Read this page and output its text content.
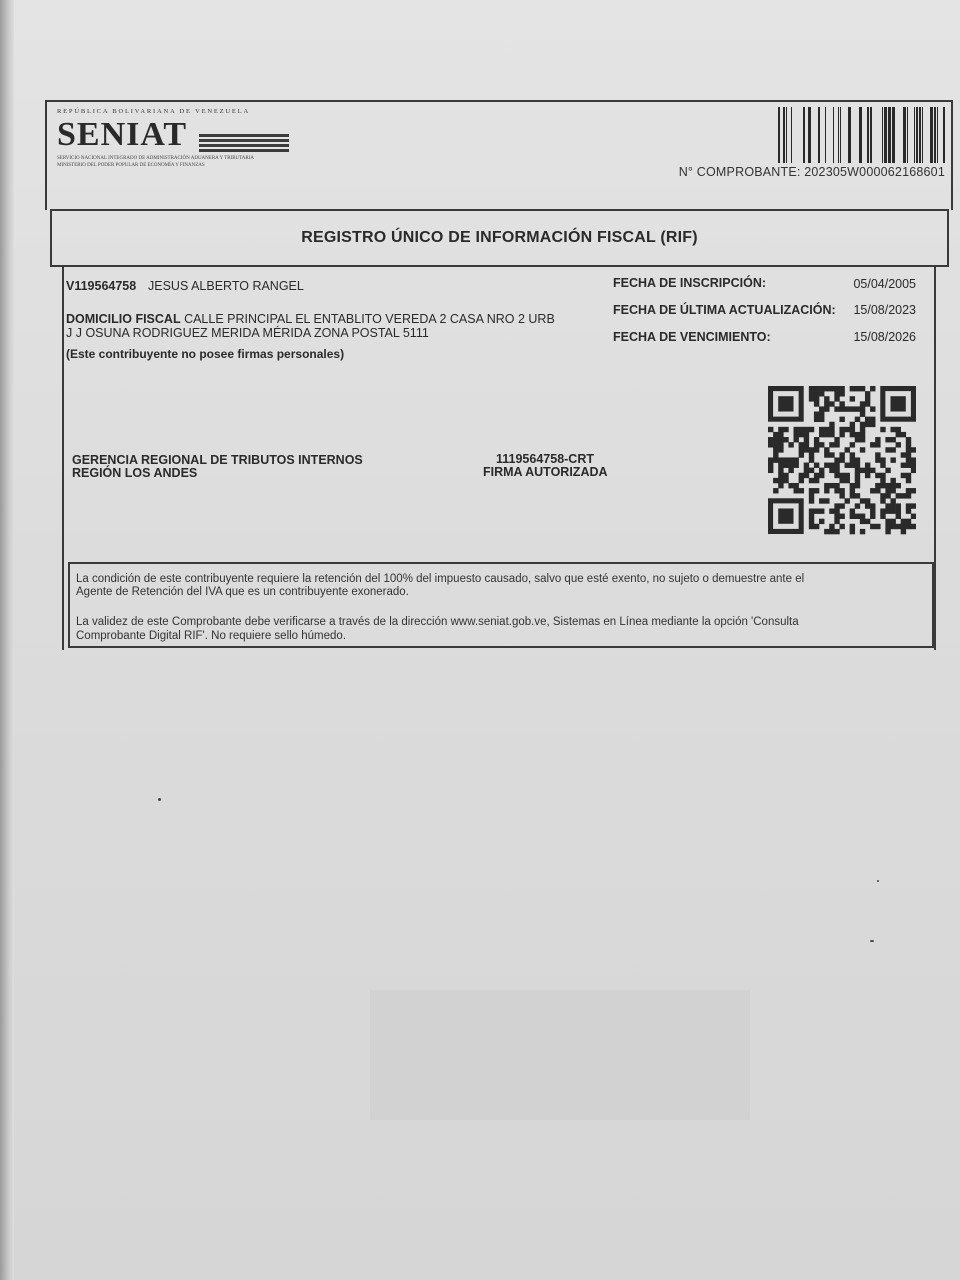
REPÚBLICA BOLIVARIANA DE VENEZUELA
SENIAT
SERVICIO NACIONAL INTEGRADO DE ADMINISTRACIÓN ADUANERA Y TRIBUTARIA
MINISTERIO DEL PODER POPULAR DE ECONOMÍA Y FINANZAS	N° COMPROBANTE: 202305W000062168601
REGISTRO ÚNICO DE INFORMACIÓN FISCAL (RIF)
V119564758 JESUS ALBERTO RANGEL
DOMICILIO FISCAL CALLE PRINCIPAL EL ENTABLITO VEREDA 2 CASA NRO 2 URB
J J OSUNA RODRIGUEZ MERIDA MÉRIDA ZONA POSTAL 5111
(Este contribuyente no posee firmas personales)
FECHA DE INSCRIPCIÓN:	05/04/2005
FECHA DE ÚLTIMA ACTUALIZACIÓN:	15/08/2023
FECHA DE VENCIMIENTO:	15/08/2026
GERENCIA REGIONAL DE TRIBUTOS INTERNOS
REGIÓN LOS ANDES
1119564758-CRT
FIRMA AUTORIZADA
La condición de este contribuyente requiere la retención del 100% del impuesto causado, salvo que esté exento, no sujeto o demuestre ante el
Agente de Retención del IVA que es un contribuyente exonerado.
La validez de este Comprobante debe verificarse a través de la dirección www.seniat.gob.ve, Sistemas en Línea mediante la opción 'Consulta
Comprobante Digital RIF'. No requiere sello húmedo.
